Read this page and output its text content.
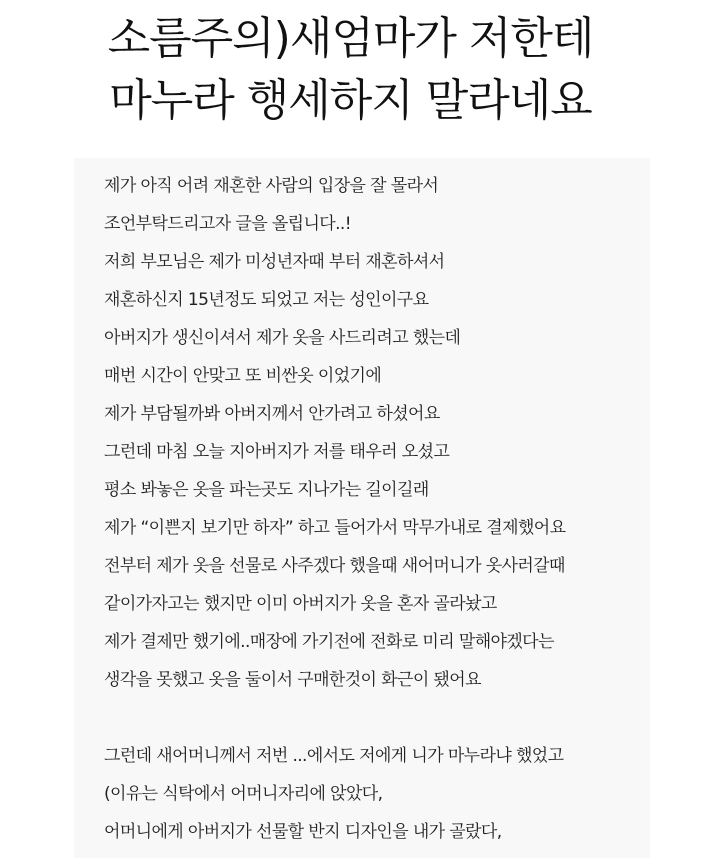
소름주의)새엄마가 저한테
마누라 행세하지 말라네요
제가 아직 어려 재혼한 사람의 입장을 잘 몰라서
조언부탁드리고자 글을 올립니다..!
저희 부모님은 제가 미성년자때 부터 재혼하셔서
재혼하신지 15년정도 되었고 저는 성인이구요
아버지가 생신이셔서 제가 옷을 사드리려고 했는데
매번 시간이 안맞고 또 비싼옷 이었기에
제가 부담될까봐 아버지께서 안가려고 하셨어요
그런데 마침 오늘 지아버지가 저를 태우러 오셨고
평소 봐놓은 옷을 파는곳도 지나가는 길이길래
제가 “이쁜지 보기만 하자” 하고 들어가서 막무가내로 결제했어요
전부터 제가 옷을 선물로 사주겠다 했을때 새어머니가 옷사러갈때
같이가자고는 했지만 이미 아버지가 옷을 혼자 골라놨고
제가 결제만 했기에..매장에 가기전에 전화로 미리 말해야겠다는
생각을 못했고 옷을 둘이서 구매한것이 화근이 됐어요
그런데 새어머니께서 저번 ...에서도 저에게 니가 마누라냐 했었고
(이유는 식탁에서 어머니자리에 앉았다,
어머니에게 아버지가 선물할 반지 디자인을 내가 골랐다,
